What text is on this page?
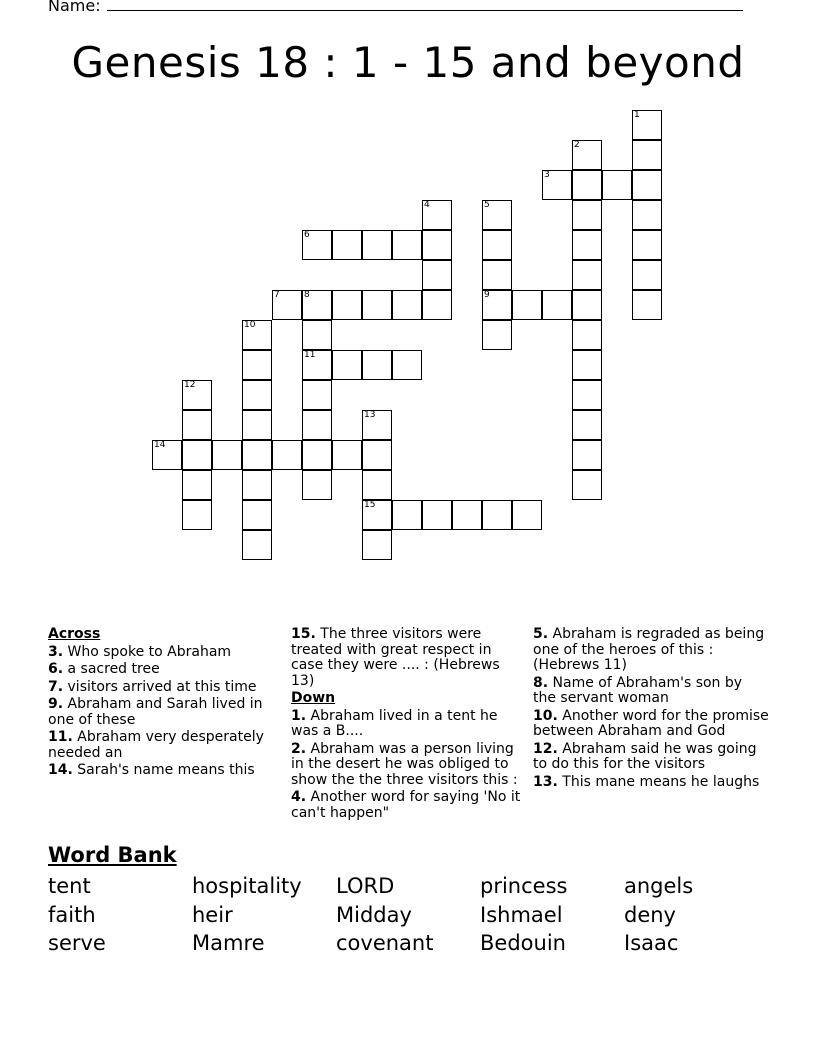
Name:
Genesis 18 : 1 - 15 and beyond
1
2
3
4	5
9
6
7	8
11
10
12
13
15
14
Across
3. Who spoke to Abraham
6. a sacred tree
7. visitors arrived at this time
9. Abraham and Sarah lived in one of these
11. Abraham very desperately needed an
14. Sarah's name means this
15. The three visitors were treated with great respect in case they were .... : (Hebrews 13)
Down
1. Abraham lived in a tent he was a B....
2. Abraham was a person living in the desert he was obliged to show the the three visitors this :
4. Another word for saying 'No it can't happen"
5. Abraham is regraded as being one of the heroes of this : (Hebrews 11)
8. Name of Abraham's son by the servant woman
10. Another word for the promise between Abraham and God
12. Abraham said he was going to do this for the visitors
13. This mane means he laughs
Word Bank
tent	hospitality	LORD	princess	angels
faith	heir	Midday	Ishmael	deny
serve	Mamre	covenant	Bedouin	Isaac
